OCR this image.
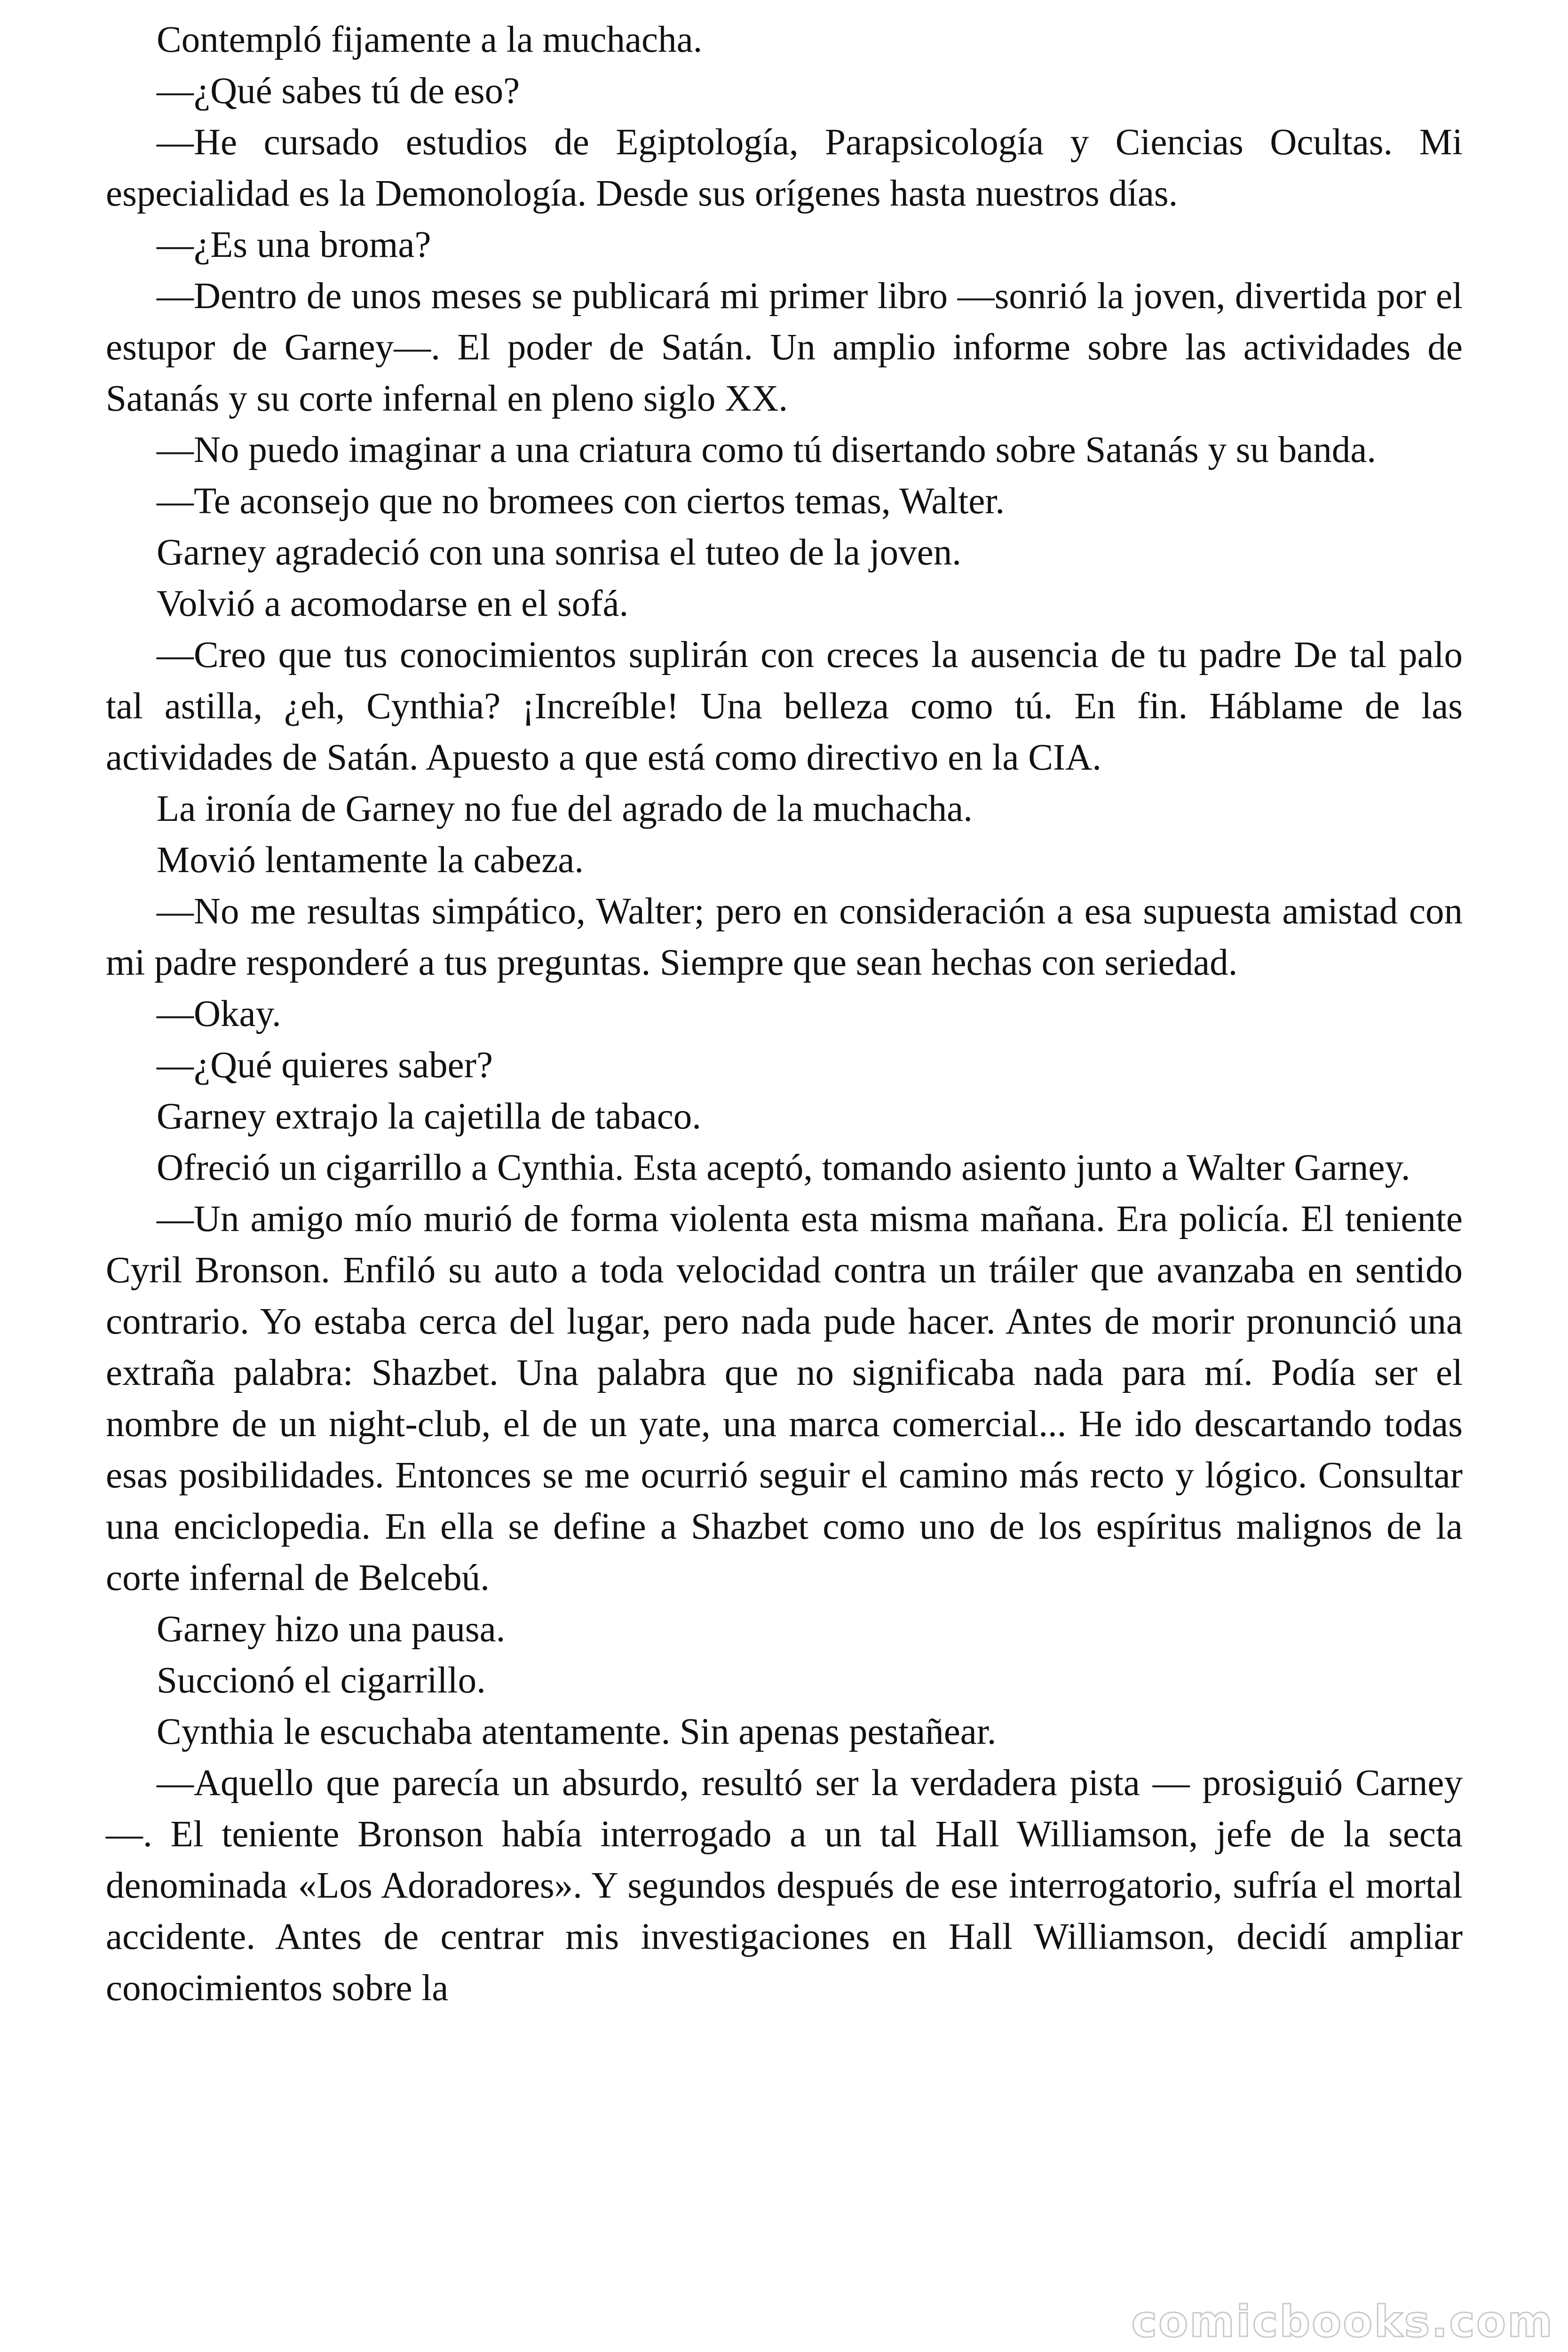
Contempló fijamente a la muchacha.

—¿Qué sabes tú de eso?

—He cursado estudios de Egiptología, Parapsicología y Ciencias Ocultas. Mi especialidad es la Demonología. Desde sus orígenes hasta nuestros días.

—¿Es una broma?

—Dentro de unos meses se publicará mi primer libro —sonrió la joven, divertida por el estupor de Garney—. El poder de Satán. Un amplio informe sobre las actividades de Satanás y su corte infernal en pleno siglo XX.

—No puedo imaginar a una criatura como tú disertando sobre Satanás y su banda.

—Te aconsejo que no bromees con ciertos temas, Walter.

Garney agradeció con una sonrisa el tuteo de la joven.

Volvió a acomodarse en el sofá.

—Creo que tus conocimientos suplirán con creces la ausencia de tu padre De tal palo tal astilla, ¿eh, Cynthia? ¡Increíble! Una belleza como tú. En fin. Háblame de las actividades de Satán. Apuesto a que está como directivo en la CIA.

La ironía de Garney no fue del agrado de la muchacha.

Movió lentamente la cabeza.

—No me resultas simpático, Walter; pero en consideración a esa supuesta amistad con mi padre responderé a tus preguntas. Siempre que sean hechas con seriedad.

—Okay.

—¿Qué quieres saber?

Garney extrajo la cajetilla de tabaco.

Ofreció un cigarrillo a Cynthia. Esta aceptó, tomando asiento junto a Walter Garney.

—Un amigo mío murió de forma violenta esta misma mañana. Era policía. El teniente Cyril Bronson. Enfiló su auto a toda velocidad contra un tráiler que avanzaba en sentido contrario. Yo estaba cerca del lugar, pero nada pude hacer. Antes de morir pronunció una extraña palabra: Shazbet. Una palabra que no significaba nada para mí. Podía ser el nombre de un night-club, el de un yate, una marca comercial... He ido descartando todas esas posibilidades. Entonces se me ocurrió seguir el camino más recto y lógico. Consultar una enciclopedia. En ella se define a Shazbet como uno de los espíritus malignos de la corte infernal de Belcebú.

Garney hizo una pausa.

Succionó el cigarrillo.

Cynthia le escuchaba atentamente. Sin apenas pestañear.

—Aquello que parecía un absurdo, resultó ser la verdadera pista — prosiguió Carney—. El teniente Bronson había interrogado a un tal Hall Williamson, jefe de la secta denominada «Los Adoradores». Y segundos después de ese interrogatorio, sufría el mortal accidente. Antes de centrar mis investigaciones en Hall Williamson, decidí ampliar conocimientos sobre la

comicbooks.com
